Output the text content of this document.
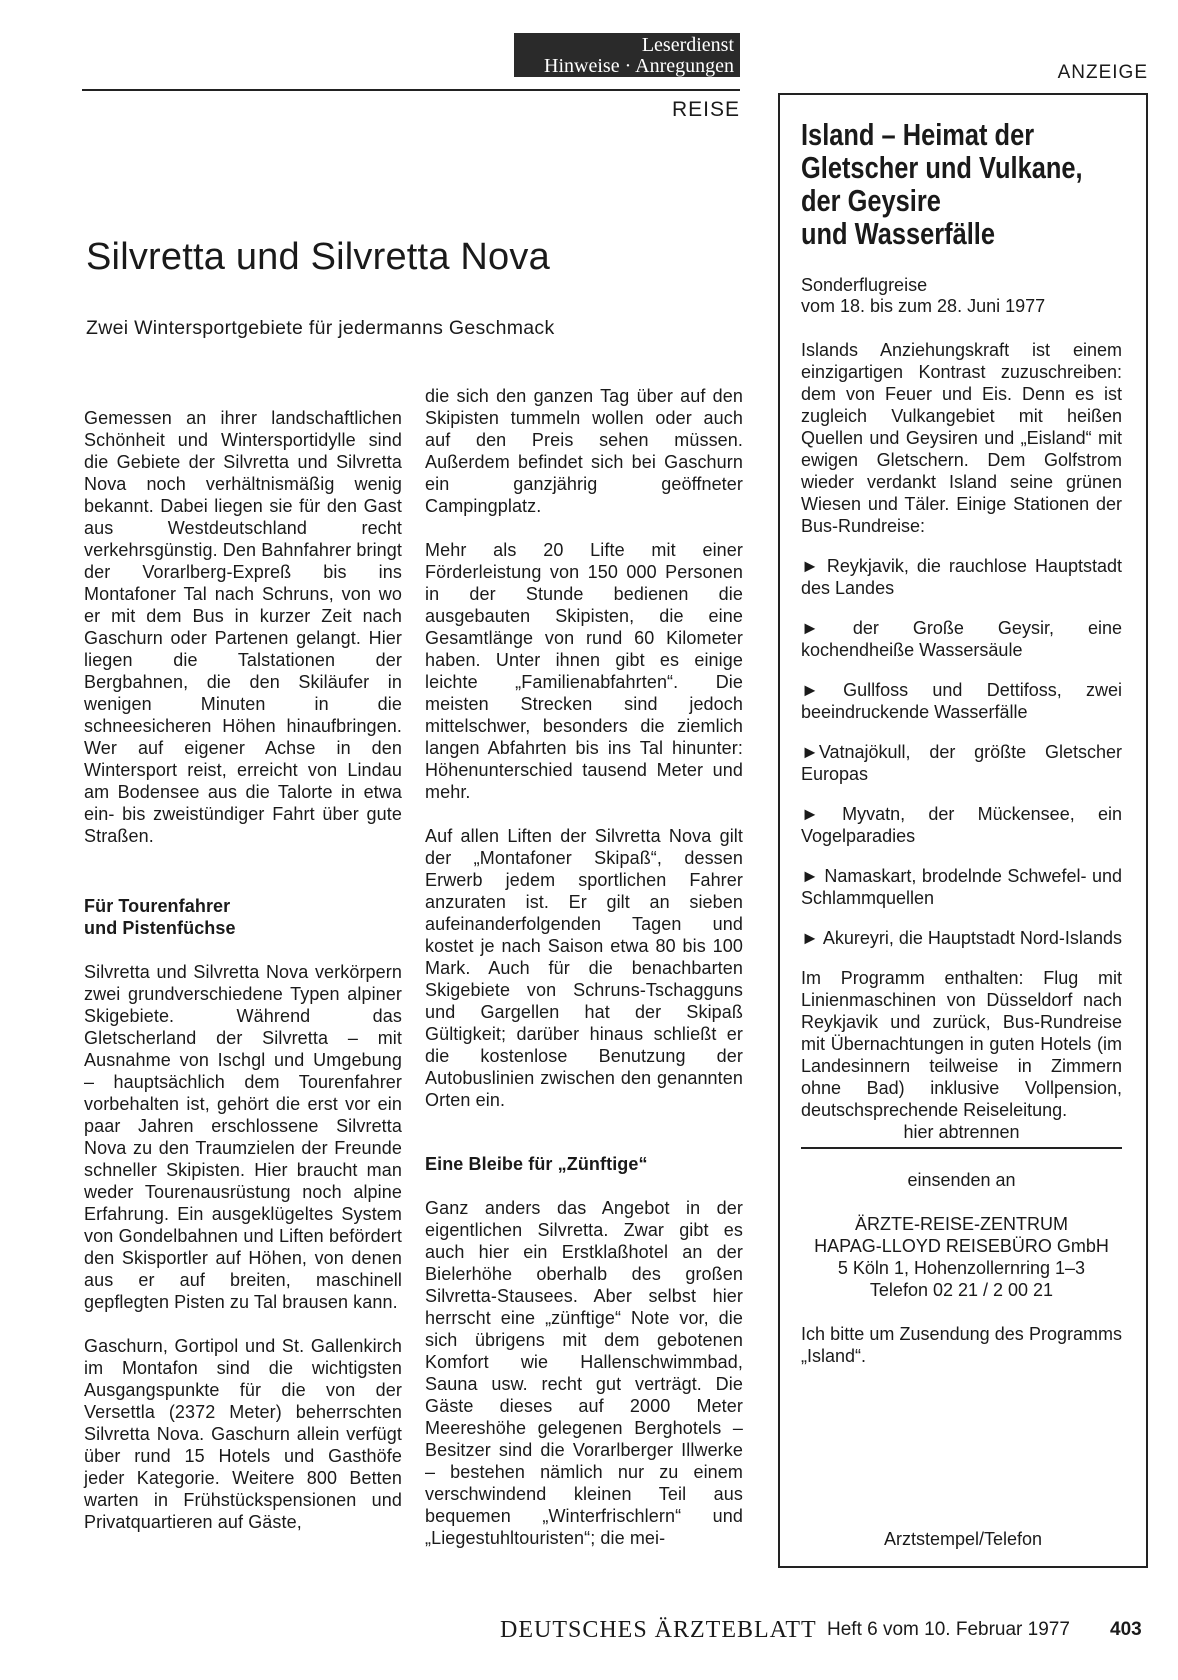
Leserdienst
Hinweise · Anregungen
REISE
ANZEIGE
Silvretta und Silvretta Nova
Zwei Wintersportgebiete für jedermanns Geschmack

Gemessen an ihrer landschaftlichen Schönheit und Wintersportidylle sind die Gebiete der Silvretta und Silvretta Nova noch verhältnismäßig wenig bekannt. Dabei liegen sie für den Gast aus Westdeutschland recht verkehrsgünstig. Den Bahnfahrer bringt der Vorarlberg-Expreß bis ins Montafoner Tal nach Schruns, von wo er mit dem Bus in kurzer Zeit nach Gaschurn oder Partenen gelangt. Hier liegen die Talstationen der Bergbahnen, die den Skiläufer in wenigen Minuten in die schneesicheren Höhen hinaufbringen. Wer auf eigener Achse in den Wintersport reist, erreicht von Lindau am Bodensee aus die Talorte in etwa ein- bis zweistündiger Fahrt über gute Straßen.

Für Tourenfahrer und Pistenfüchse

Silvretta und Silvretta Nova verkörpern zwei grundverschiedene Typen alpiner Skigebiete. Während das Gletscherland der Silvretta – mit Ausnahme von Ischgl und Umgebung – hauptsächlich dem Tourenfahrer vorbehalten ist, gehört die erst vor ein paar Jahren erschlossene Silvretta Nova zu den Traumzielen der Freunde schneller Skipisten. Hier braucht man weder Tourenausrüstung noch alpine Erfahrung. Ein ausgeklügeltes System von Gondelbahnen und Liften befördert den Skisportler auf Höhen, von denen aus er auf breiten, maschinell gepflegten Pisten zu Tal brausen kann.

Gaschurn, Gortipol und St. Gallenkirch im Montafon sind die wichtigsten Ausgangspunkte für die von der Versettla (2372 Meter) beherrschten Silvretta Nova. Gaschurn allein verfügt über rund 15 Hotels und Gasthöfe jeder Kategorie. Weitere 800 Betten warten in Frühstückspensionen und Privatquartieren auf Gäste,

die sich den ganzen Tag über auf den Skipisten tummeln wollen oder auch auf den Preis sehen müssen. Außerdem befindet sich bei Gaschurn ein ganzjährig geöffneter Campingplatz.

Mehr als 20 Lifte mit einer Förderleistung von 150 000 Personen in der Stunde bedienen die ausgebauten Skipisten, die eine Gesamtlänge von rund 60 Kilometer haben. Unter ihnen gibt es einige leichte „Familienabfahrten“. Die meisten Strecken sind jedoch mittelschwer, besonders die ziemlich langen Abfahrten bis ins Tal hinunter: Höhenunterschied tausend Meter und mehr.

Auf allen Liften der Silvretta Nova gilt der „Montafoner Skipaß“, dessen Erwerb jedem sportlichen Fahrer anzuraten ist. Er gilt an sieben aufeinanderfolgenden Tagen und kostet je nach Saison etwa 80 bis 100 Mark. Auch für die benachbarten Skigebiete von Schruns-Tschagguns und Gargellen hat der Skipaß Gültigkeit; darüber hinaus schließt er die kostenlose Benutzung der Autobuslinien zwischen den genannten Orten ein.

Eine Bleibe für „Zünftige“

Ganz anders das Angebot in der eigentlichen Silvretta. Zwar gibt es auch hier ein Erstklaßhotel an der Bielerhöhe oberhalb des großen Silvretta-Stausees. Aber selbst hier herrscht eine „zünftige“ Note vor, die sich übrigens mit dem gebotenen Komfort wie Hallenschwimmbad, Sauna usw. recht gut verträgt. Die Gäste dieses auf 2000 Meter Meereshöhe gelegenen Berghotels – Besitzer sind die Vorarlberger Illwerke – bestehen nämlich nur zu einem verschwindend kleinen Teil aus bequemen „Winterfrischlern“ und „Liegestuhltouristen“; die mei-

Island – Heimat der
Gletscher und Vulkane,
der Geysire
und Wasserfälle
Sonderflugreise
vom 18. bis zum 28. Juni 1977

Islands Anziehungskraft ist einem einzigartigen Kontrast zuzuschreiben: dem von Feuer und Eis. Denn es ist zugleich Vulkangebiet mit heißen Quellen und Geysiren und „Eisland“ mit ewigen Gletschern. Dem Golfstrom wieder verdankt Island seine grünen Wiesen und Täler. Einige Stationen der Bus-Rundreise:

► Reykjavik, die rauchlose Hauptstadt des Landes

► der Große Geysir, eine kochendheiße Wassersäule

► Gullfoss und Dettifoss, zwei beeindruckende Wasserfälle

►Vatnajökull, der größte Gletscher Europas

► Myvatn, der Mückensee, ein Vogelparadies

► Namaskart, brodelnde Schwefel- und Schlammquellen

► Akureyri, die Hauptstadt Nord-Islands

Im Programm enthalten: Flug mit Linienmaschinen von Düsseldorf nach Reykjavik und zurück, Bus-Rundreise mit Übernachtungen in guten Hotels (im Landesinnern teilweise in Zimmern ohne Bad) inklusive Vollpension, deutschsprechende Reiseleitung.

hier abtrennen
einsenden an
ÄRZTE-REISE-ZENTRUM
HAPAG-LLOYD REISEBÜRO GmbH
5 Köln 1, Hohenzollernring 1–3
Telefon 02 21 / 2 00 21

Ich bitte um Zusendung des Programms „Island“.

Arztstempel/Telefon
DEUTSCHES ÄRZTEBLATT Heft 6 vom 10. Februar 1977 403
